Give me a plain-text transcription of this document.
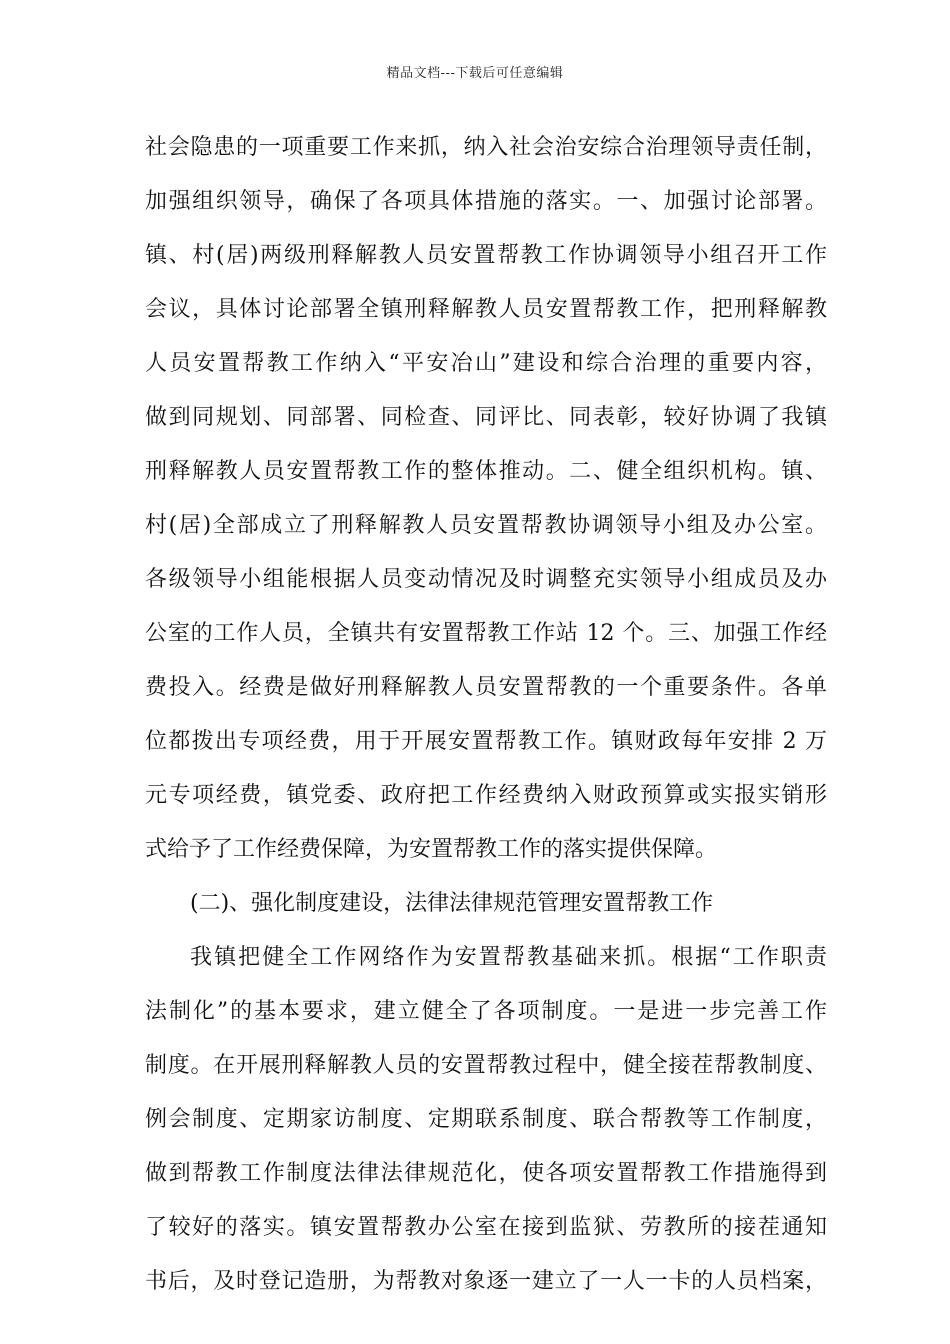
精品文档---下载后可任意编辑
社会隐患的一项重要工作来抓，纳入社会治安综合治理领导责任制，
加强组织领导，确保了各项具体措施的落实。一、加强讨论部署。
镇、村(居)两级刑释解教人员安置帮教工作协调领导小组召开工作
会议，具体讨论部署全镇刑释解教人员安置帮教工作，把刑释解教
人员安置帮教工作纳入“平安冶山”建设和综合治理的重要内容，
做到同规划、同部署、同检查、同评比、同表彰，较好协调了我镇
刑释解教人员安置帮教工作的整体推动。二、健全组织机构。镇、
村(居)全部成立了刑释解教人员安置帮教协调领导小组及办公室。
各级领导小组能根据人员变动情况及时调整充实领导小组成员及办
公室的工作人员，全镇共有安置帮教工作站 12 个。三、加强工作经
费投入。经费是做好刑释解教人员安置帮教的一个重要条件。各单
位都拨出专项经费，用于开展安置帮教工作。镇财政每年安排 2 万
元专项经费，镇党委、政府把工作经费纳入财政预算或实报实销形
式给予了工作经费保障，为安置帮教工作的落实提供保障。
(二)、强化制度建设，法律法律规范管理安置帮教工作
我镇把健全工作网络作为安置帮教基础来抓。根据“工作职责
法制化”的基本要求，建立健全了各项制度。一是进一步完善工作
制度。在开展刑释解教人员的安置帮教过程中，健全接茬帮教制度、
例会制度、定期家访制度、定期联系制度、联合帮教等工作制度，
做到帮教工作制度法律法律规范化，使各项安置帮教工作措施得到
了较好的落实。镇安置帮教办公室在接到监狱、劳教所的接茬通知
书后，及时登记造册，为帮教对象逐一建立了一人一卡的人员档案，
